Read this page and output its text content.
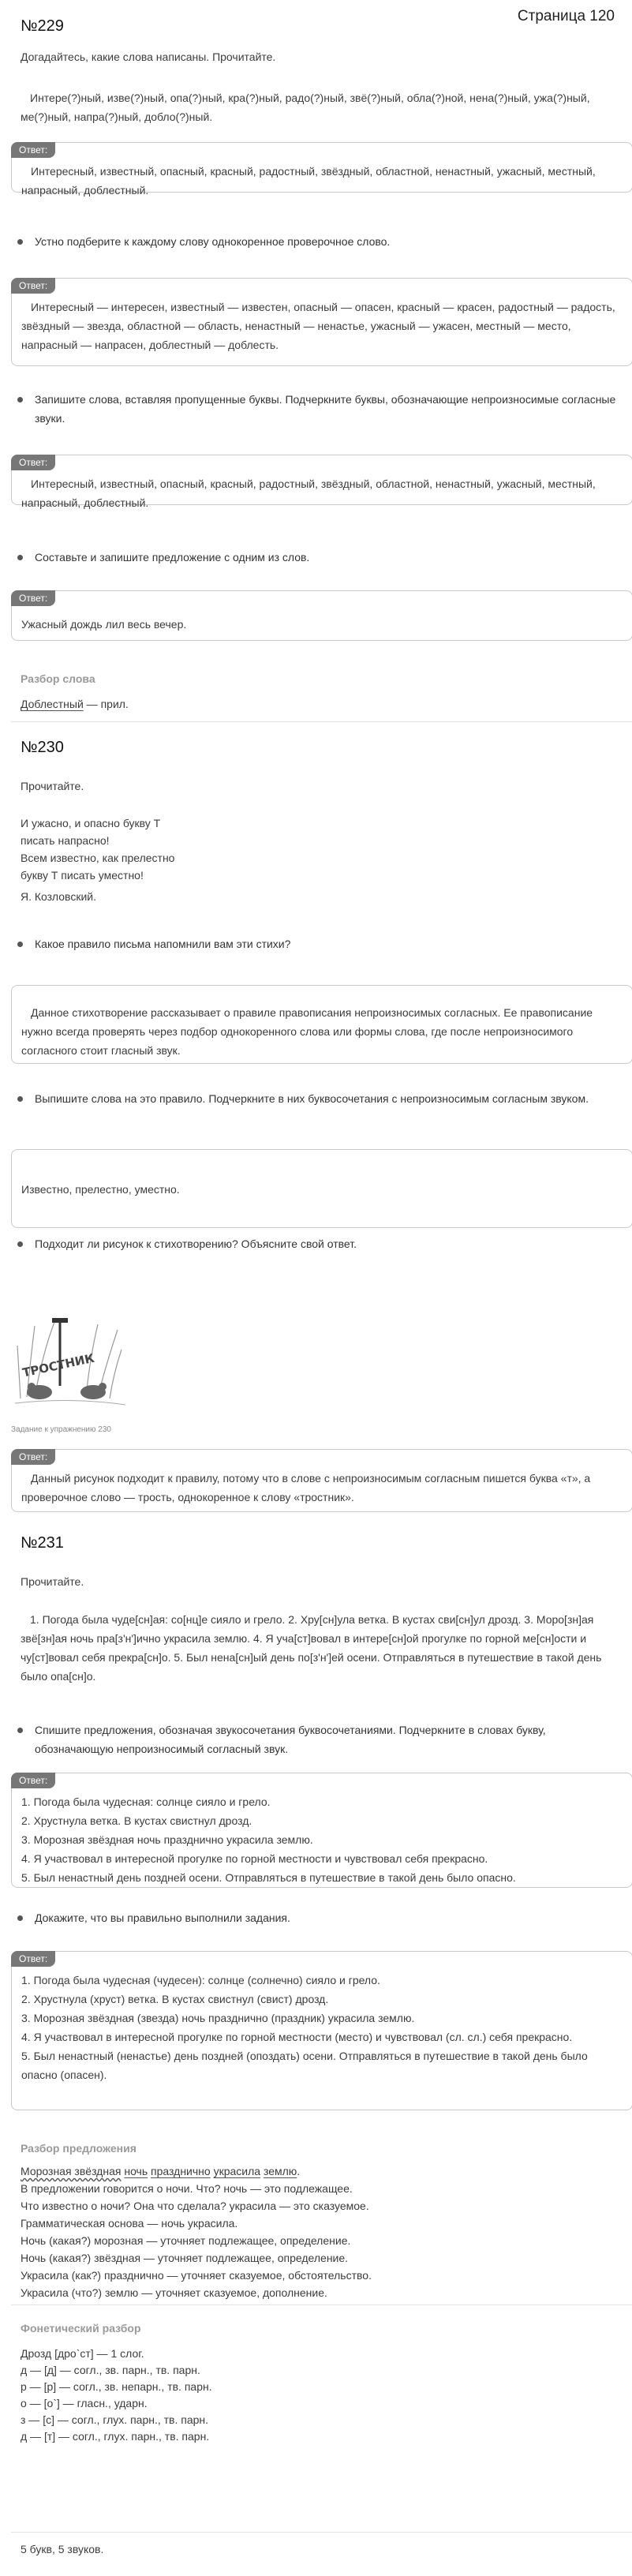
Страница 120
№229

Догадайтесь, какие слова написаны. Прочитайте.

Интере(?)ный, изве(?)ный, опа(?)ный, кра(?)ный, радо(?)ный, звё(?)ный, обла(?)ной, нена(?)ный, ужа(?)ный, ме(?)ный, напра(?)ный, добло(?)ный.

Ответ:

Интересный, известный, опасный, красный, радостный, звёздный, областной, ненастный, ужасный, местный, напрасный, доблестный.

Устно подберите к каждому слову однокоренное проверочное слово.
Ответ:

Интересный — интересен, известный — известен, опасный — опасен, красный — красен, радостный — радость, звёздный — звезда, областной — область, ненастный — ненастье, ужасный — ужасен, местный — место, напрасный — напрасен, доблестный — доблесть.

Запишите слова, вставляя пропущенные буквы. Подчеркните буквы, обозначающие непроизносимые согласные звуки.
Ответ:

Интересный, известный, опасный, красный, радостный, звёздный, областной, ненастный, ужасный, местный, напрасный, доблестный.

Составьте и запишите предложение с одним из слов.
Ответ:

Ужасный дождь лил весь вечер.

Разбор слова
Доблестный — прил.
№230

Прочитайте.

И ужасно, и опасно букву Т

писать напрасно!

Всем известно, как прелестно

букву Т писать уместно!

Я. Козловский.

Какое правило письма напомнили вам эти стихи?

Данное стихотворение рассказывает о правиле правописания непроизносимых согласных. Ее правописание нужно всегда проверять через подбор однокоренного слова или формы слова, где после непроизносимого согласного стоит гласный звук.

Выпишите слова на это правило. Подчеркните в них буквосочетания с непроизносимым согласным звуком.

Известно, прелестно, уместно.

Подходит ли рисунок к стихотворению? Объясните свой ответ.
ТРОСТНИК
Задание к упражнению 230
Ответ:

Данный рисунок подходит к правилу, потому что в слове с непроизносимым согласным пишется буква «т», а проверочное слово — трость, однокоренное к слову «тростник».

№231

Прочитайте.

1. Погода была чуде[сн]ая: со[нц]е сияло и грело. 2. Хру[сн]ула ветка. В кустах сви[сн]ул дрозд. 3. Моро[зн]ая звё[зн]ая ночь пра[з'н']ично украсила землю. 4. Я уча[ст]вовал в интере[сн]ой прогулке по горной ме[сн]ости и чу[ст]вовал себя прекра[сн]о. 5. Был нена[сн]ый день по[з'н']ей осени. Отправляться в путешествие в такой день было опа[сн]о.

Спишите предложения, обозначая звукосочетания буквосочетаниями. Подчеркните в словах букву, обозначающую непроизносимый согласный звук.
Ответ:

1. Погода была чудесная: солнце сияло и грело.

2. Хрустнула ветка. В кустах свистнул дрозд.

3. Морозная звёздная ночь празднично украсила землю.

4. Я участвовал в интересной прогулке по горной местности и чувствовал себя прекрасно.

5. Был ненастный день поздней осени. Отправляться в путешествие в такой день было опасно.

Докажите, что вы правильно выполнили задания.
Ответ:

1. Погода была чудесная (чудесен): солнце (солнечно) сияло и грело.

2. Хрустнула (хруст) ветка. В кустах свистнул (свист) дрозд.

3. Морозная звёздная (звезда) ночь празднично (праздник) украсила землю.

4. Я участвовал в интересной прогулке по горной местности (место) и чувствовал (сл. сл.) себя прекрасно.

5. Был ненастный (ненастье) день поздней (опоздать) осени. Отправляться в путешествие в такой день было опасно (опасен).

Разбор предложения
Морозная звёздная ночь празднично украсила землю.

В предложении говорится о ночи. Что? ночь — это подлежащее.

Что известно о ночи? Она что сделала? украсила — это сказуемое.

Грамматическая основа — ночь украсила.

Ночь (какая?) морозная — уточняет подлежащее, определение.

Ночь (какая?) звёздная — уточняет подлежащее, определение.

Украсила (как?) празднично — уточняет сказуемое, обстоятельство.

Украсила (что?) землю — уточняет сказуемое, дополнение.

Фонетический разбор

Дрозд [дро`ст] — 1 слог.

д — [д] — согл., зв. парн., тв. парн.

р — [р] — согл., зв. непарн., тв. парн.

о — [о`] — гласн., ударн.

з — [с] — согл., глух. парн., тв. парн.

д — [т] — согл., глух. парн., тв. парн.

5 букв, 5 звуков.
